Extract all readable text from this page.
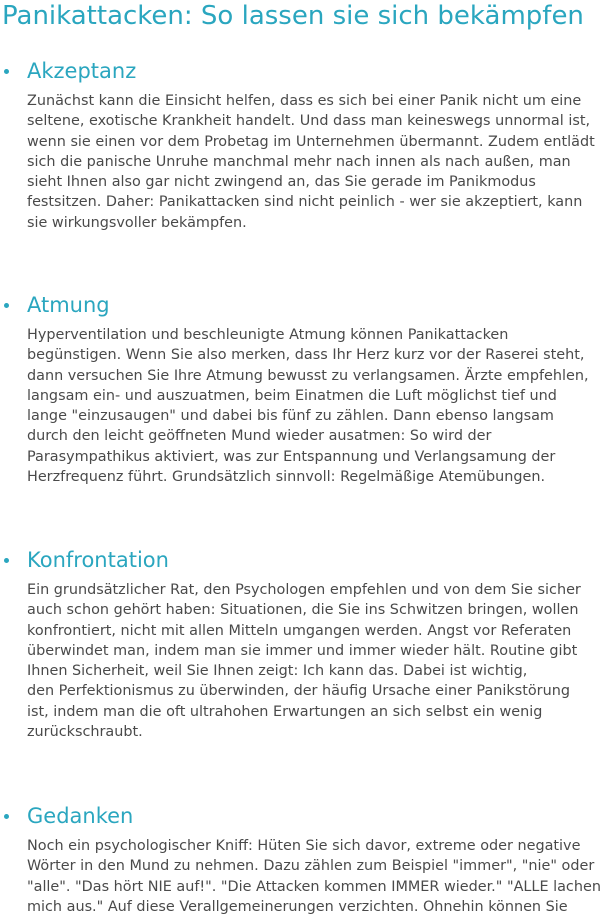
Panikattacken: So lassen sie sich bekämpfen
Akzeptanz

Zunächst kann die Einsicht helfen, dass es sich bei einer Panik nicht um eine
seltene, exotische Krankheit handelt. Und dass man keineswegs unnormal ist,
wenn sie einen vor dem Probetag im Unternehmen übermannt. Zudem entlädt
sich die panische Unruhe manchmal mehr nach innen als nach außen, man
sieht Ihnen also gar nicht zwingend an, das Sie gerade im Panikmodus
festsitzen. Daher: Panikattacken sind nicht peinlich - wer sie akzeptiert, kann
sie wirkungsvoller bekämpfen.

Atmung

Hyperventilation und beschleunigte Atmung können Panikattacken
begünstigen. Wenn Sie also merken, dass Ihr Herz kurz vor der Raserei steht,
dann versuchen Sie Ihre Atmung bewusst zu verlangsamen. Ärzte empfehlen,
langsam ein- und auszuatmen, beim Einatmen die Luft möglichst tief und
lange "einzusaugen" und dabei bis fünf zu zählen. Dann ebenso langsam
durch den leicht geöffneten Mund wieder ausatmen: So wird der
Parasympathikus aktiviert, was zur Entspannung und Verlangsamung der
Herzfrequenz führt. Grundsätzlich sinnvoll: Regelmäßige Atemübungen.

Konfrontation

Ein grundsätzlicher Rat, den Psychologen empfehlen und von dem Sie sicher
auch schon gehört haben: Situationen, die Sie ins Schwitzen bringen, wollen
konfrontiert, nicht mit allen Mitteln umgangen werden. Angst vor Referaten
überwindet man, indem man sie immer und immer wieder hält. Routine gibt
Ihnen Sicherheit, weil Sie Ihnen zeigt: Ich kann das. Dabei ist wichtig,
den Perfektionismus zu überwinden, der häufig Ursache einer Panikstörung
ist, indem man die oft ultrahohen Erwartungen an sich selbst ein wenig
zurückschraubt.

Gedanken

Noch ein psychologischer Kniff: Hüten Sie sich davor, extreme oder negative
Wörter in den Mund zu nehmen. Dazu zählen zum Beispiel "immer", "nie" oder
"alle". "Das hört NIE auf!". "Die Attacken kommen IMMER wieder." "ALLE lachen
mich aus." Auf diese Verallgemeinerungen verzichten. Ohnehin können Sie
